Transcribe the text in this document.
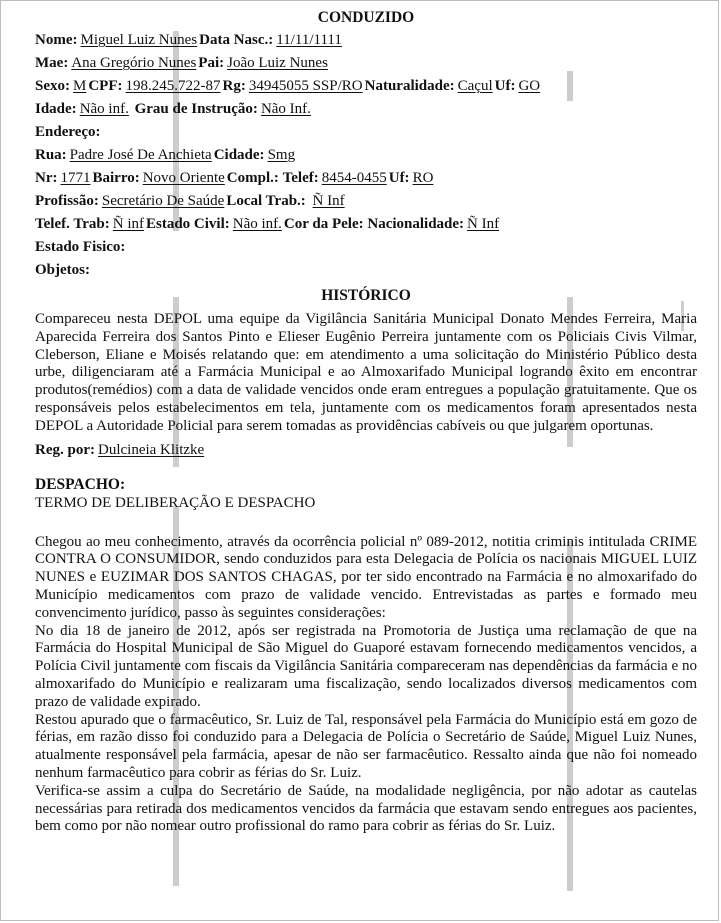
CONDUZIDO
Nome: Miguel Luiz Nunes Data Nasc.: 11/11/1111
Mae: Ana Gregório Nunes Pai: João Luiz Nunes
Sexo: M CPF: 198.245.722-87 Rg: 34945055 SSP/RO Naturalidade: Caçul Uf: GO
Idade: Não inf. Grau de Instrução: Não Inf.
Endereço:
Rua: Padre José De Anchieta Cidade: Smg
Nr: 1771 Bairro: Novo Oriente Compl.: Telef: 8454-0455 Uf: RO
Profissão: Secretário De Saúde Local Trab.: Ñ Inf
Telef. Trab: Ñ inf Estado Civil: Não inf. Cor da Pele: Nacionalidade: Ñ Inf
Estado Fisico:
Objetos:
HISTÓRICO

Compareceu nesta DEPOL uma equipe da Vigilância Sanitária Municipal Donato Mendes Ferreira, Maria Aparecida Ferreira dos Santos Pinto e Elieser Eugênio Perreira juntamente com os Policiais Civis Vilmar, Cleberson, Eliane e Moisés relatando que: em atendimento a uma solicitação do Ministério Público desta urbe, diligenciaram até a Farmácia Municipal e ao Almoxarifado Municipal logrando êxito em encontrar produtos(remédios) com a data de validade vencidos onde eram entregues a população gratuitamente. Que os responsáveis pelos estabelecimentos em tela, juntamente com os medicamentos foram apresentados nesta DEPOL a Autoridade Policial para serem tomadas as providências cabíveis ou que julgarem oportunas.

Reg. por: Dulcineia Klitzke

DESPACHO:

TERMO DE DELIBERAÇÃO E DESPACHO

Chegou ao meu conhecimento, através da ocorrência policial nº 089-2012, notitia criminis intitulada CRIME CONTRA O CONSUMIDOR, sendo conduzidos para esta Delegacia de Polícia os nacionais MIGUEL LUIZ NUNES e EUZIMAR DOS SANTOS CHAGAS, por ter sido encontrado na Farmácia e no almoxarifado do Município medicamentos com prazo de validade vencido. Entrevistadas as partes e formado meu convencimento jurídico, passo às seguintes considerações:

No dia 18 de janeiro de 2012, após ser registrada na Promotoria de Justiça uma reclamação de que na Farmácia do Hospital Municipal de São Miguel do Guaporé estavam fornecendo medicamentos vencidos, a Polícia Civil juntamente com fiscais da Vigilância Sanitária compareceram nas dependências da farmácia e no almoxarifado do Município e realizaram uma fiscalização, sendo localizados diversos medicamentos com prazo de validade expirado.

Restou apurado que o farmacêutico, Sr. Luiz de Tal, responsável pela Farmácia do Município está em gozo de férias, em razão disso foi conduzido para a Delegacia de Polícia o Secretário de Saúde, Miguel Luiz Nunes, atualmente responsável pela farmácia, apesar de não ser farmacêutico. Ressalto ainda que não foi nomeado nenhum farmacêutico para cobrir as férias do Sr. Luiz.

Verifica-se assim a culpa do Secretário de Saúde, na modalidade negligência, por não adotar as cautelas necessárias para retirada dos medicamentos vencidos da farmácia que estavam sendo entregues aos pacientes, bem como por não nomear outro profissional do ramo para cobrir as férias do Sr. Luiz.
